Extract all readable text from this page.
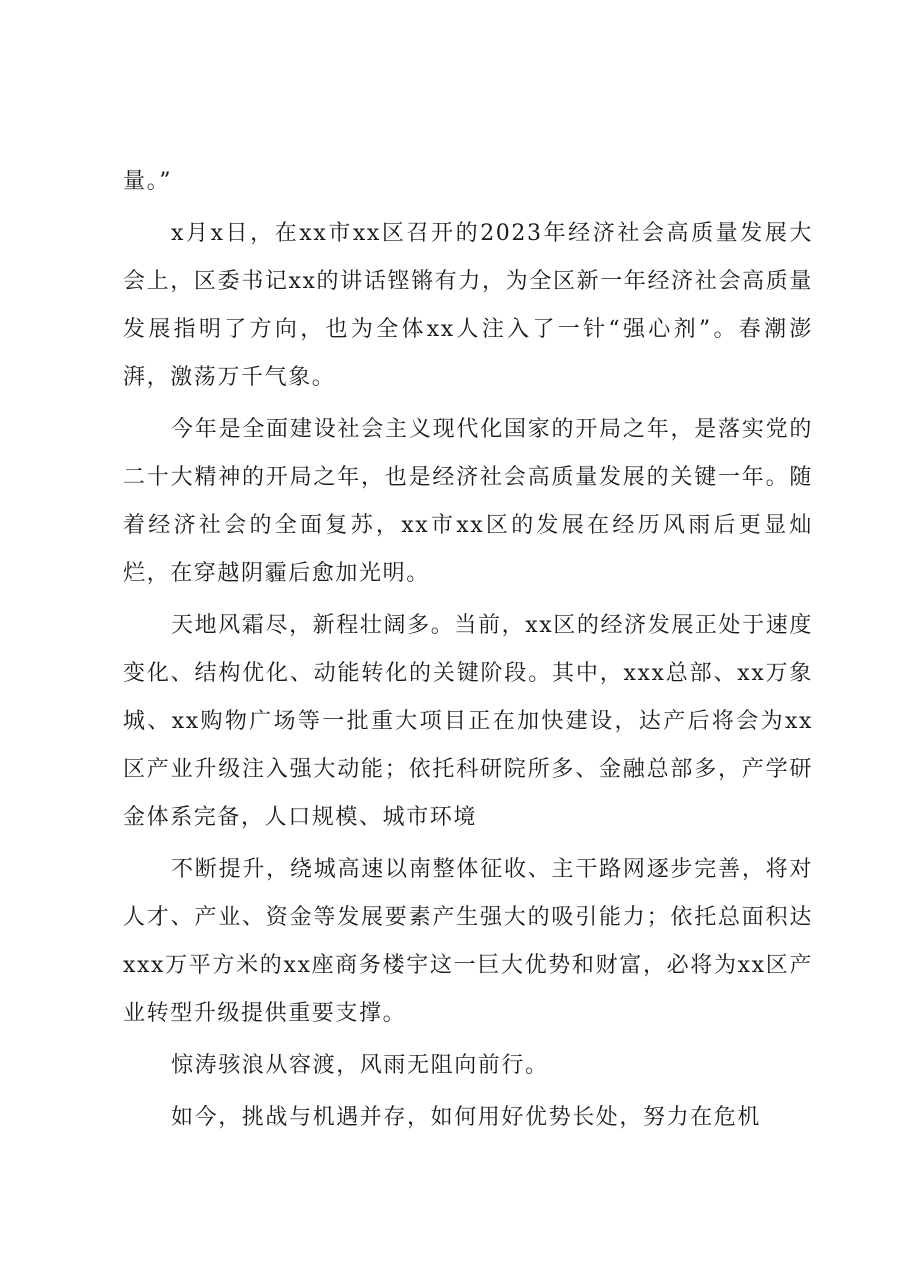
量。”

x月x日，在xx市xx区召开的2023年经济社会高质量发展大会上，区委书记xx的讲话铿锵有力，为全区新一年经济社会高质量发展指明了方向，也为全体xx人注入了一针“强心剂”。春潮澎湃，激荡万千气象。

今年是全面建设社会主义现代化国家的开局之年，是落实党的二十大精神的开局之年，也是经济社会高质量发展的关键一年。随着经济社会的全面复苏，xx市xx区的发展在经历风雨后更显灿烂，在穿越阴霾后愈加光明。

天地风霜尽，新程壮阔多。当前，xx区的经济发展正处于速度变化、结构优化、动能转化的关键阶段。其中，xxx总部、xx万象城、xx购物广场等一批重大项目正在加快建设，达产后将会为xx区产业升级注入强大动能；依托科研院所多、金融总部多，产学研金体系完备，人口规模、城市环境

不断提升，绕城高速以南整体征收、主干路网逐步完善，将对人才、产业、资金等发展要素产生强大的吸引能力；依托总面积达xxx万平方米的xx座商务楼宇这一巨大优势和财富，必将为xx区产业转型升级提供重要支撑。

惊涛骇浪从容渡，风雨无阻向前行。

如今，挑战与机遇并存，如何用好优势长处，努力在危机
